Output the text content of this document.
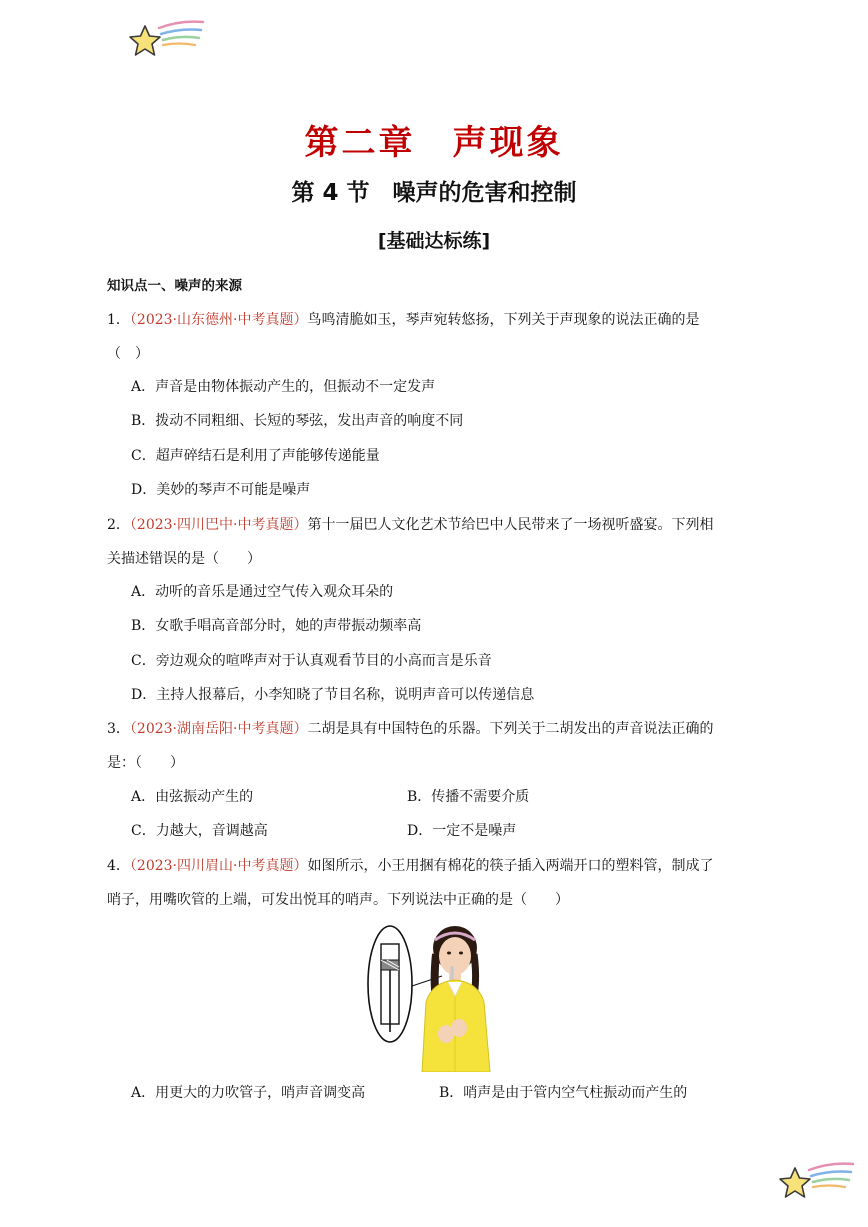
第二章　声现象
第 4 节　噪声的危害和控制
[基础达标练]
知识点一、噪声的来源
1．（2023·山东德州·中考真题）鸟鸣清脆如玉，琴声宛转悠扬，下列关于声现象的说法正确的是
（　）
A．声音是由物体振动产生的，但振动不一定发声
B．拨动不同粗细、长短的琴弦，发出声音的响度不同
C．超声碎结石是利用了声能够传递能量
D．美妙的琴声不可能是噪声
2．（2023·四川巴中·中考真题）第十一届巴人文化艺术节给巴中人民带来了一场视听盛宴。下列相
关描述错误的是（　　）
A．动听的音乐是通过空气传入观众耳朵的
B．女歌手唱高音部分时，她的声带振动频率高
C．旁边观众的喧哗声对于认真观看节目的小高而言是乐音
D．主持人报幕后，小李知晓了节目名称，说明声音可以传递信息
3．（2023·湖南岳阳·中考真题）二胡是具有中国特色的乐器。下列关于二胡发出的声音说法正确的
是：（　　）
A．由弦振动产生的	B．传播不需要介质
C．力越大，音调越高	D．一定不是噪声
4．（2023·四川眉山·中考真题）如图所示，小王用捆有棉花的筷子插入两端开口的塑料管，制成了
哨子，用嘴吹管的上端，可发出悦耳的哨声。下列说法中正确的是（　　）
A．用更大的力吹管子，哨声音调变高	B．哨声是由于管内空气柱振动而产生的
